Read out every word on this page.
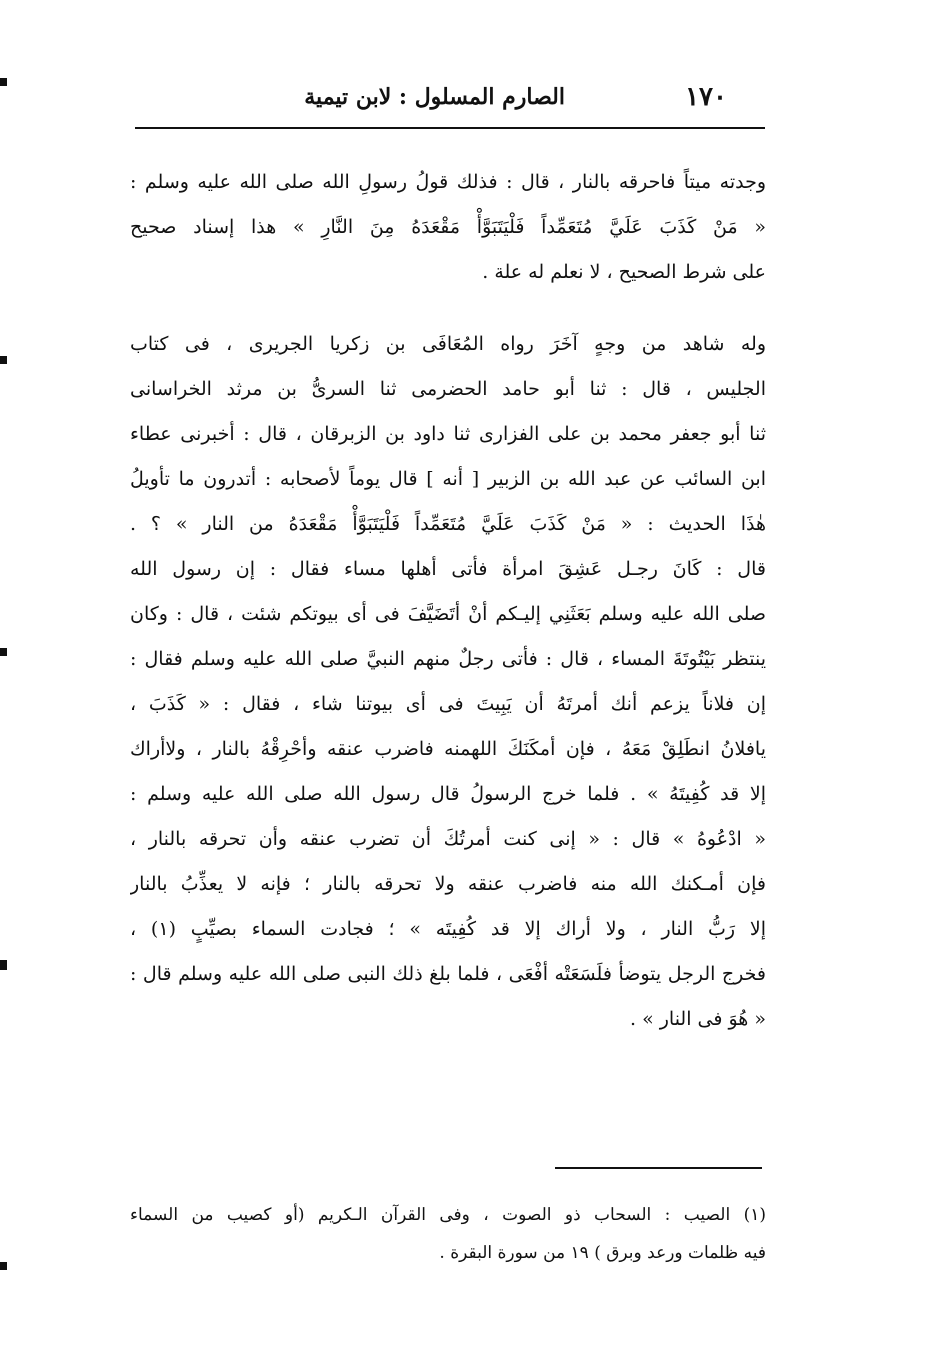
١٧٠
الصارم المسلول : لابن تيمية
وجدته ميتاً فاحرقه بالنار ، قال : فذلك قولُ رسولِ الله صلى الله عليه وسلم :
« مَنْ كَذَبَ عَلَيَّ مُتَعَمِّداً فَلْيَتَبَوَّأْ مَقْعَدَهُ مِنَ النَّارِ » هذا إسناد صحيح
على شرط الصحيح ، لا نعلم له علة .
وله شاهد من وجهٍ آخَرَ رواه المُعَافَى بن زكريا الجريرى ، فى كتاب
الجليس ، قال : ثنا أبو حامد الحضرمى ثنا السرىُّ بن مرثد الخراسانى
ثنا أبو جعفر محمد بن على الفزارى ثنا داود بن الزبرقان ، قال : أخبرنى عطاء
ابن السائب عن عبد الله بن الزبير [ أنه ] قال يوماً لأصحابه : أتدرون ما تأويلُ
هٰذَا الحديث : « مَنْ كَذَبَ عَلَيَّ مُتَعَمِّداً فَلْيَتَبَوَّأْ مَقْعَدَهُ من النار » ؟ .
قال : كَانَ رجـل عَشِقَ امرأة فأتى أهلها مساء فقال : إن رسول الله
صلى الله عليه وسلم بَعَثَنِي إليـكم أنْ أتَضَيَّفَ فى أى بيوتكم شئت ، قال : وكان
ينتظر بَيْتُوتَةَ المساء ، قال : فأتى رجلٌ منهم النبيَّ صلى الله عليه وسلم فقال :
إن فلاناً يزعم أنك أمرتَهُ أن يَبِيتَ فى أى بيوتنا شاء ، فقال : « كَذَبَ ،
يافلانُ انطَلِقْ مَعَهُ ، فإن أمكَنَكَ اللهمنه فاضرب عنقه وأحْرِقْهُ بالنار ، ولاأراك
إلا قد كُفِيتَهُ » . فلما خرج الرسولُ قال رسول الله صلى الله عليه وسلم :
« ادْعُوهُ » قال : « إنى كنت أمرتُكَ أن تضرب عنقه وأن تحرقه بالنار ،
فإن أمـكنك الله منه فاضرب عنقه ولا تحرقه بالنار ؛ فإنه لا يعذِّبُ بالنار
إلا رَبُّ النار ، ولا أراك إلا قد كُفِيتَه » ؛ فجادت السماء بصيِّبٍ (١) ،
فخرج الرجل يتوضأ فلَسَعَتْه أفْعَى ، فلما بلغ ذلك النبى صلى الله عليه وسلم قال :
« هُوَ فى النار » .
(١) الصيب : السحاب ذو الصوت ، وفى القرآن الـكريم (أو كصيب من السماء
فيه ظلمات ورعد وبرق ) ١٩ من سورة البقرة .
